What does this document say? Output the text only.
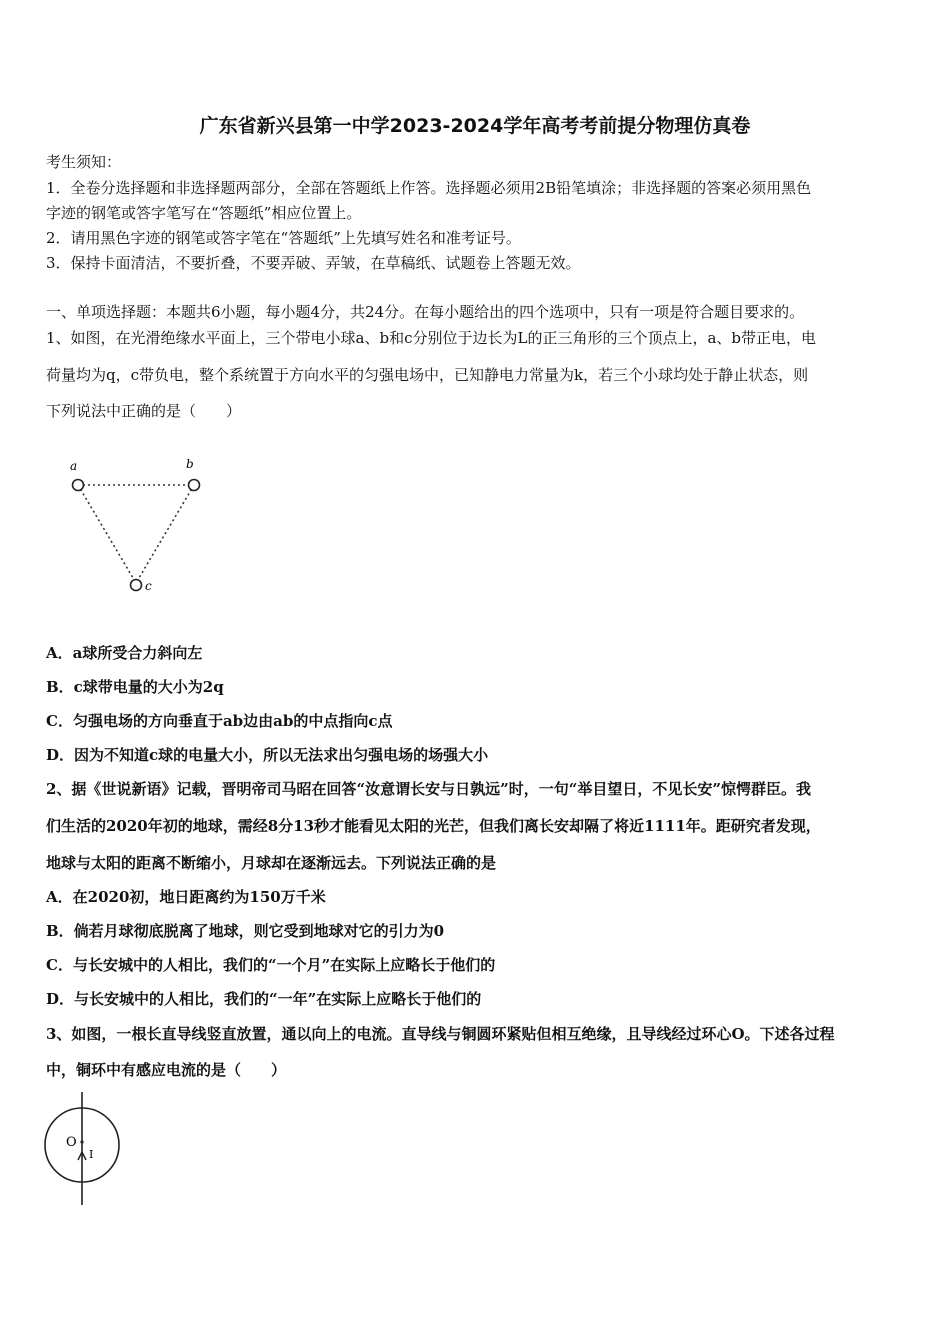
广东省新兴县第一中学2023-2024学年高考考前提分物理仿真卷
考生须知：
1．全卷分选择题和非选择题两部分，全部在答题纸上作答。选择题必须用2B铅笔填涂；非选择题的答案必须用黑色
字迹的钢笔或答字笔写在“答题纸”相应位置上。
2．请用黑色字迹的钢笔或答字笔在“答题纸”上先填写姓名和准考证号。
3．保持卡面清洁，不要折叠，不要弄破、弄皱，在草稿纸、试题卷上答题无效。
一、单项选择题：本题共6小题，每小题4分，共24分。在每小题给出的四个选项中，只有一项是符合题目要求的。
1、如图，在光滑绝缘水平面上，三个带电小球a、b和c分别位于边长为L的正三角形的三个顶点上，a、b带正电，电
荷量均为q，c带负电，整个系统置于方向水平的匀强电场中，已知静电力常量为k，若三个小球均处于静止状态，则
下列说法中正确的是（　　）
a	b
c
A．a球所受合力斜向左
B．c球带电量的大小为2q
C．匀强电场的方向垂直于ab边由ab的中点指向c点
D．因为不知道c球的电量大小，所以无法求出匀强电场的场强大小
2、据《世说新语》记载，晋明帝司马昭在回答“汝意谓长安与日孰远”时，一句“举目望日，不见长安”惊愕群臣。我
们生活的2020年初的地球，需经8分13秒才能看见太阳的光芒，但我们离长安却隔了将近1111年。距研究者发现，
地球与太阳的距离不断缩小，月球却在逐渐远去。下列说法正确的是
A．在2020初，地日距离约为150万千米
B．倘若月球彻底脱离了地球，则它受到地球对它的引力为0
C．与长安城中的人相比，我们的“一个月”在实际上应略长于他们的
D．与长安城中的人相比，我们的“一年”在实际上应略长于他们的
3、如图，一根长直导线竖直放置，通以向上的电流。直导线与铜圆环紧贴但相互绝缘，且导线经过环心O。下述各过程
中，铜环中有感应电流的是（　　）
O
I
